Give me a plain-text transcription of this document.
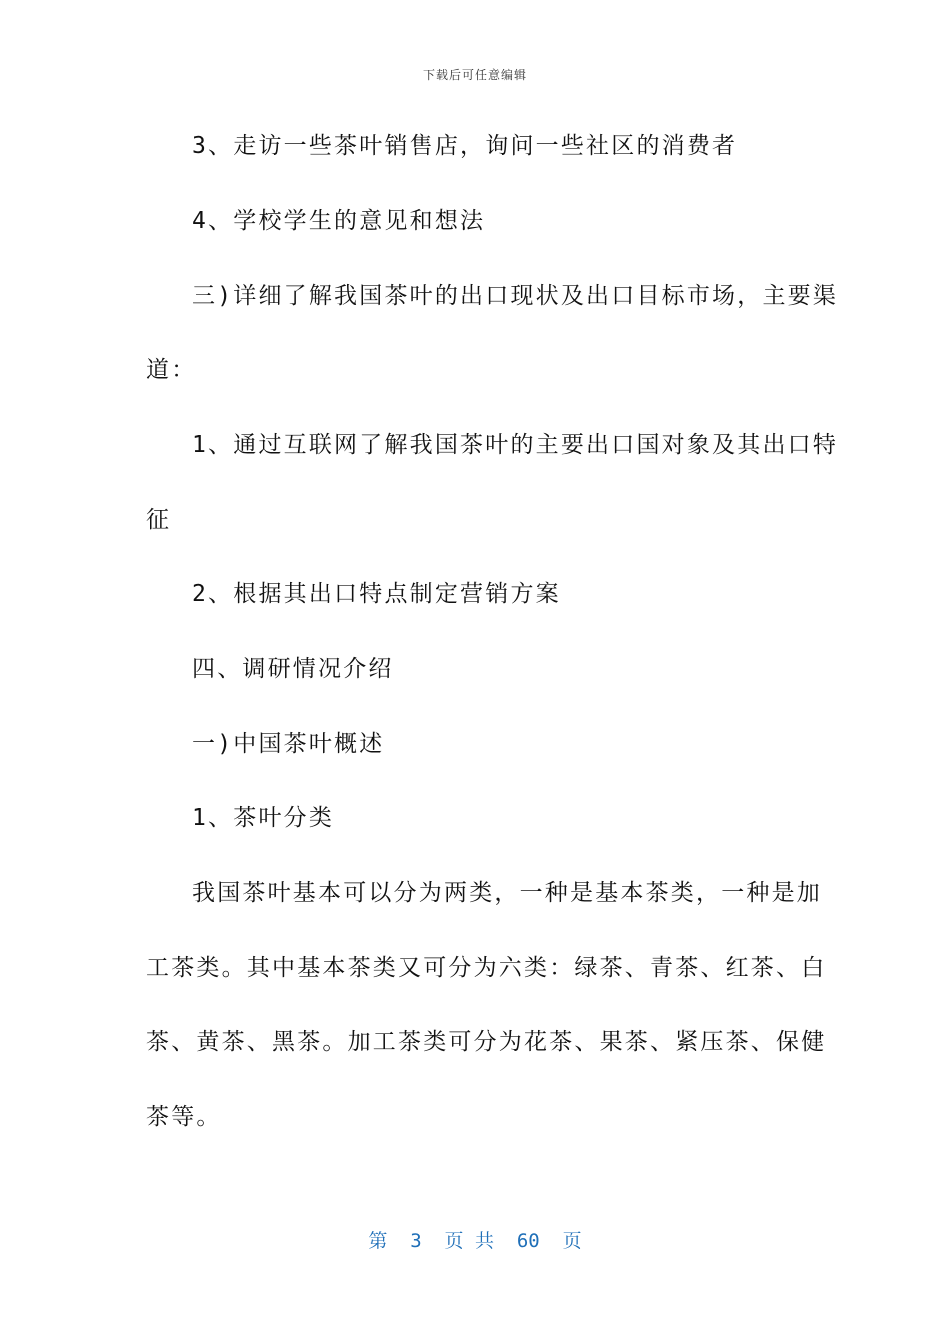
下载后可任意编辑
3、走访一些茶叶销售店，询问一些社区的消费者
4、学校学生的意见和想法
三)详细了解我国茶叶的出口现状及出口目标市场，主要渠
道：
1、通过互联网了解我国茶叶的主要出口国对象及其出口特
征
2、根据其出口特点制定营销方案
四、调研情况介绍
一)中国茶叶概述
1、茶叶分类
我国茶叶基本可以分为两类，一种是基本茶类，一种是加
工茶类。其中基本茶类又可分为六类：绿茶、青茶、红茶、白
茶、黄茶、黑茶。加工茶类可分为花茶、果茶、紧压茶、保健
茶等。
第  3  页 共  60  页
